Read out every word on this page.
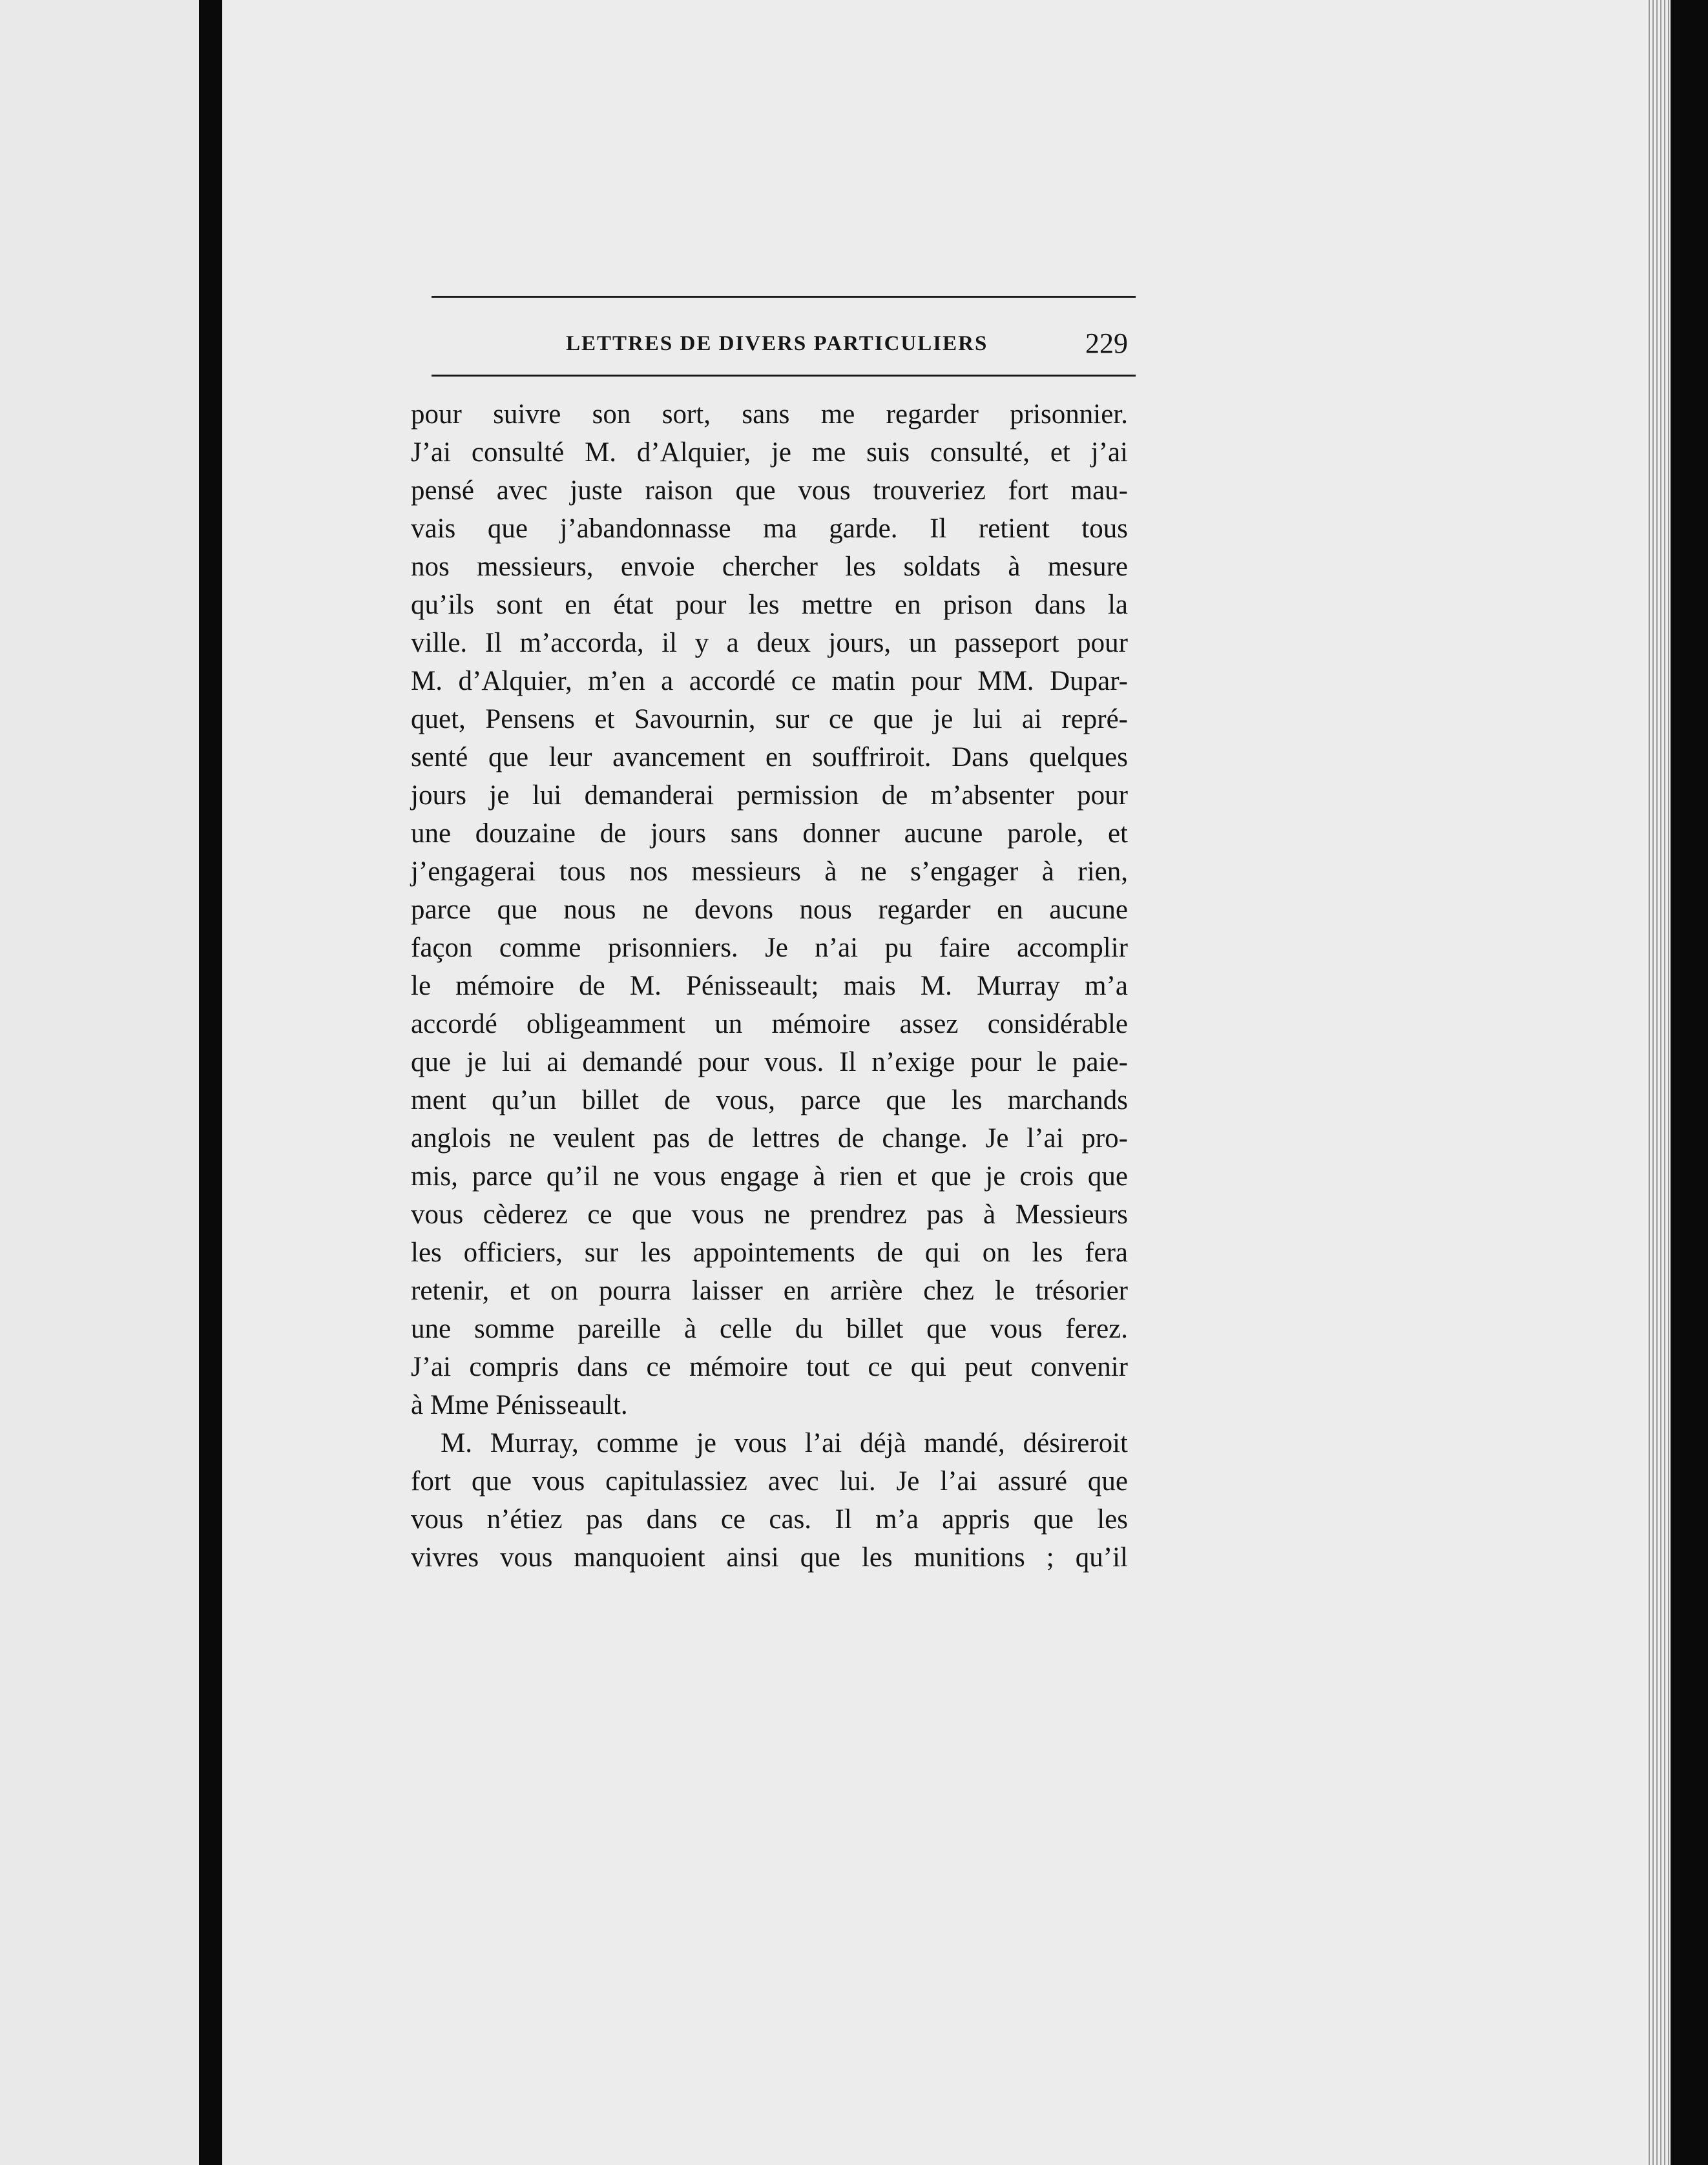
LETTRES DE DIVERS PARTICULIERS	229
pour suivre son sort, sans me regarder prisonnier.
J’ai consulté M. d’Alquier, je me suis consulté, et j’ai
pensé avec juste raison que vous trouveriez fort mau-
vais que j’abandonnasse ma garde. Il retient tous
nos messieurs, envoie chercher les soldats à mesure
qu’ils sont en état pour les mettre en prison dans la
ville. Il m’accorda, il y a deux jours, un passeport pour
M. d’Alquier, m’en a accordé ce matin pour MM. Dupar-
quet, Pensens et Savournin, sur ce que je lui ai repré-
senté que leur avancement en souffriroit. Dans quelques
jours je lui demanderai permission de m’absenter pour
une douzaine de jours sans donner aucune parole, et
j’engagerai tous nos messieurs à ne s’engager à rien,
parce que nous ne devons nous regarder en aucune
façon comme prisonniers. Je n’ai pu faire accomplir
le mémoire de M. Pénisseault; mais M. Murray m’a
accordé obligeamment un mémoire assez considérable
que je lui ai demandé pour vous. Il n’exige pour le paie-
ment qu’un billet de vous, parce que les marchands
anglois ne veulent pas de lettres de change. Je l’ai pro-
mis, parce qu’il ne vous engage à rien et que je crois que
vous cèderez ce que vous ne prendrez pas à Messieurs
les officiers, sur les appointements de qui on les fera
retenir, et on pourra laisser en arrière chez le trésorier
une somme pareille à celle du billet que vous ferez.
J’ai compris dans ce mémoire tout ce qui peut convenir
à Mme Pénisseault.
M. Murray, comme je vous l’ai déjà mandé, désireroit
fort que vous capitulassiez avec lui. Je l’ai assuré que
vous n’étiez pas dans ce cas. Il m’a appris que les
vivres vous manquoient ainsi que les munitions ; qu’il
